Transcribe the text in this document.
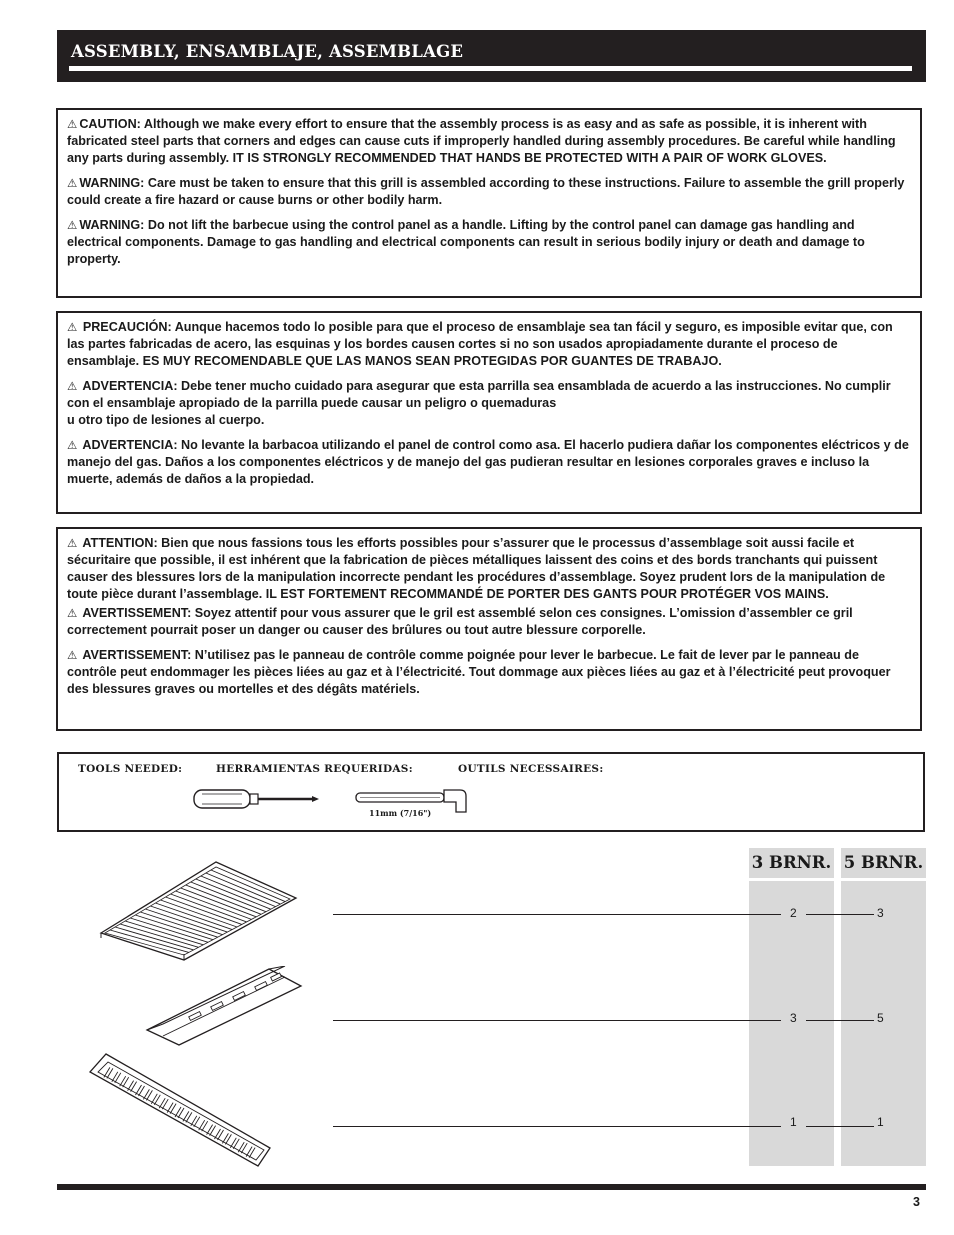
ASSEMBLY, ENSAMBLAJE, ASSEMBLAGE

⚠ CAUTION: Although we make every effort to ensure that the assembly process is as easy and as safe as possible, it is inherent with fabricated steel parts that corners and edges can cause cuts if improperly handled during assembly procedures. Be careful while handling any parts during assembly. IT IS STRONGLY RECOMMENDED THAT HANDS BE PROTECTED WITH A PAIR OF WORK GLOVES.

⚠ WARNING: Care must be taken to ensure that this grill is assembled according to these instructions. Failure to assemble the grill properly could create a fire hazard or cause burns or other bodily harm.

⚠ WARNING: Do not lift the barbecue using the control panel as a handle. Lifting by the control panel can damage gas handling and electrical components. Damage to gas handling and electrical components can result in serious bodily injury or death and damage to property.

⚠ PRECAUCIÓN: Aunque hacemos todo lo posible para que el proceso de ensamblaje sea tan fácil y seguro, es imposible evitar que, con las partes fabricadas de acero, las esquinas y los bordes causen cortes si no son usados apropiadamente durante el proceso de ensamblaje. ES MUY RECOMENDABLE QUE LAS MANOS SEAN PROTEGIDAS POR GUANTES DE TRABAJO.

⚠ ADVERTENCIA: Debe tener mucho cuidado para asegurar que esta parrilla sea ensamblada de acuerdo a las instrucciones. No cumplir con el ensamblaje apropiado de la parrilla puede causar un peligro o quemaduras
u otro tipo de lesiones al cuerpo.

⚠ ADVERTENCIA: No levante la barbacoa utilizando el panel de control como asa. El hacerlo pudiera dañar los componentes eléctricos y de manejo del gas. Daños a los componentes eléctricos y de manejo del gas pudieran resultar en lesiones corporales graves e incluso la muerte, además de daños a la propiedad.

⚠ ATTENTION: Bien que nous fassions tous les efforts possibles pour s’assurer que le processus d’assemblage soit aussi facile et sécuritaire que possible, il est inhérent que la fabrication de pièces métalliques laissent des coins et des bords tranchants qui puissent causer des blessures lors de la manipulation incorrecte pendant les procédures d’assemblage. Soyez prudent lors de la manipulation de toute pièce durant l’assemblage. IL EST FORTEMENT RECOMMANDÉ DE PORTER DES GANTS POUR PROTÉGER VOS MAINS.

⚠ AVERTISSEMENT: Soyez attentif pour vous assurer que le gril est assemblé selon ces consignes. L’omission d’assembler ce gril correctement pourrait poser un danger ou causer des brûlures ou tout autre blessure corporelle.

⚠ AVERTISSEMENT: N’utilisez pas le panneau de contrôle comme poignée pour lever le barbecue. Le fait de lever par le panneau de contrôle peut endommager les pièces liées au gaz et à l’électricité. Tout dommage aux pièces liées au gaz et à l’électricité peut provoquer des blessures graves ou mortelles et des dégâts matériels.

TOOLS NEEDED:	HERRAMIENTAS REQUERIDAS:	OUTILS NECESSAIRES:
11mm (7/16")
3 BRNR. 5 BRNR.
2	3
3	5
1	1
3
